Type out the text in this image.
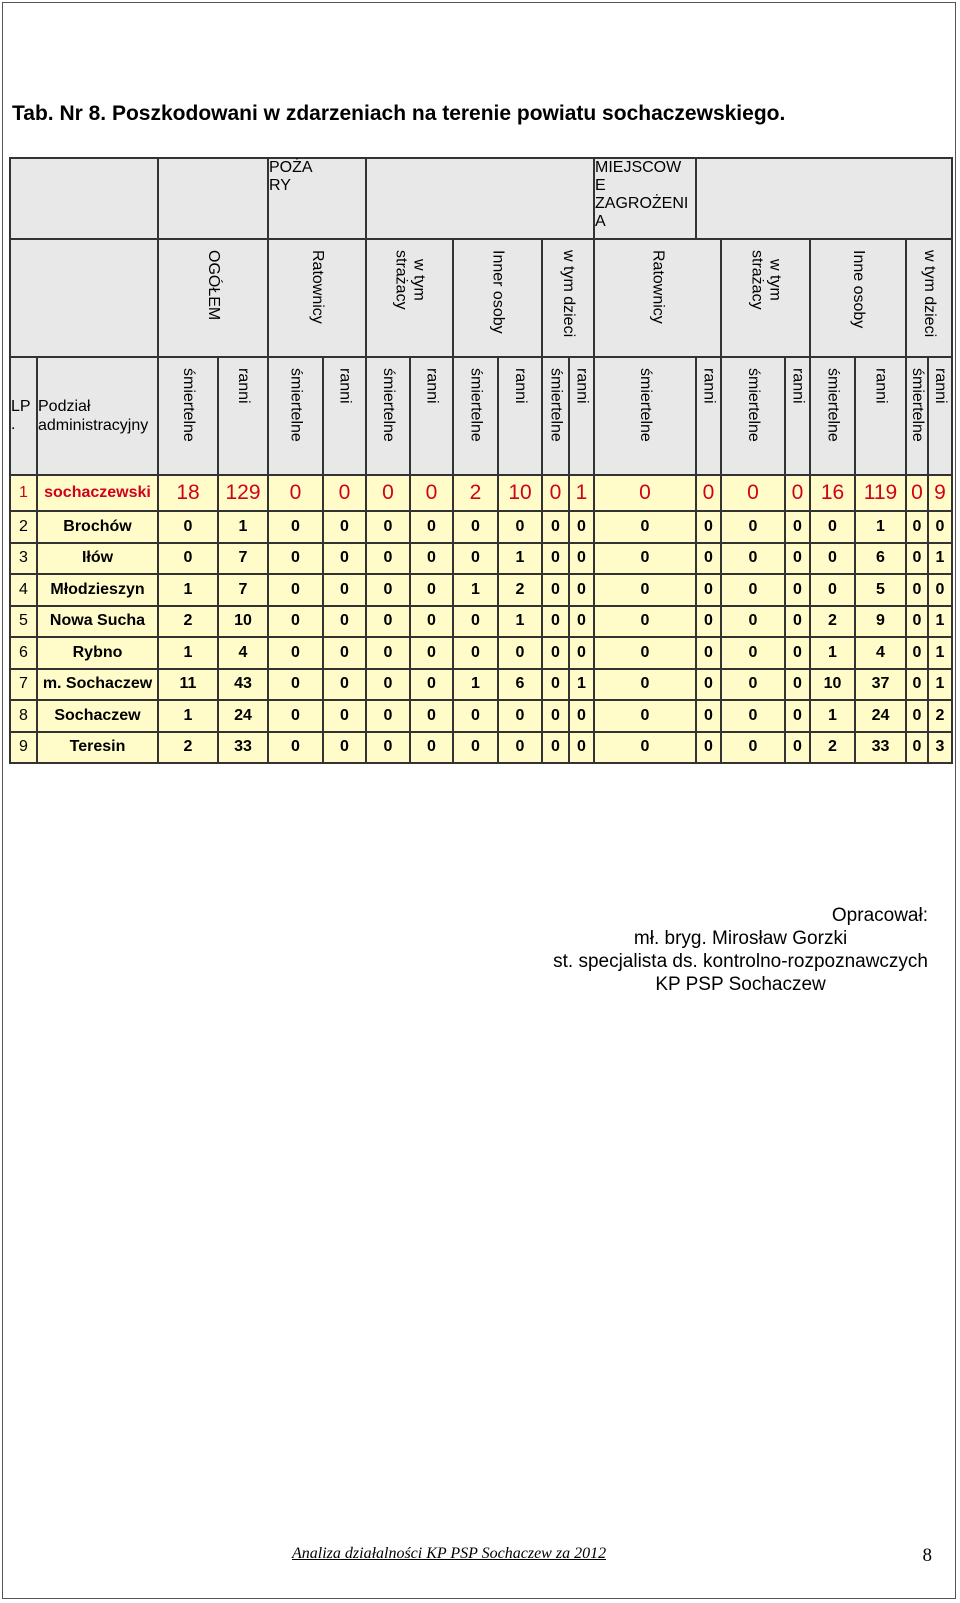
Tab. Nr 8. Poszkodowani w zdarzeniach na terenie powiatu sochaczewskiego.
				POŻA
RY								MIEJSCOW
E
ZAGROŻENI
A							
		OGÓŁEM		Ratownicy		w tym
strażacy		Inner osoby		w tym dzieci		Ratownicy		w tym
strażacy		Inne osoby		w tym dzieci	
LP
.	Podział
administracyjny	śmiertelne	ranni	śmiertelne	ranni	śmiertelne	ranni	śmiertelne	ranni	śmiertelne	ranni	śmiertelne	ranni	śmiertelne	ranni	śmiertelne	ranni	śmiertelne	ranni
1	sochaczewski	18	129	0	0	0	0	2	10	0	1	0	0	0	0	16	119	0	9
2	Brochów	0	1	0	0	0	0	0	0	0	0	0	0	0	0	0	1	0	0
3	Iłów	0	7	0	0	0	0	0	1	0	0	0	0	0	0	0	6	0	1
4	Młodzieszyn	1	7	0	0	0	0	1	2	0	0	0	0	0	0	0	5	0	0
5	Nowa Sucha	2	10	0	0	0	0	0	1	0	0	0	0	0	0	2	9	0	1
6	Rybno	1	4	0	0	0	0	0	0	0	0	0	0	0	0	1	4	0	1
7	m. Sochaczew	11	43	0	0	0	0	1	6	0	1	0	0	0	0	10	37	0	1
8	Sochaczew	1	24	0	0	0	0	0	0	0	0	0	0	0	0	1	24	0	2
9	Teresin	2	33	0	0	0	0	0	0	0	0	0	0	0	0	2	33	0	3
Opracował:
mł. bryg. Mirosław Gorzki
st. specjalista ds. kontrolno-rozpoznawczych
KP PSP Sochaczew
Analiza działalności KP PSP Sochaczew za 2012	8
